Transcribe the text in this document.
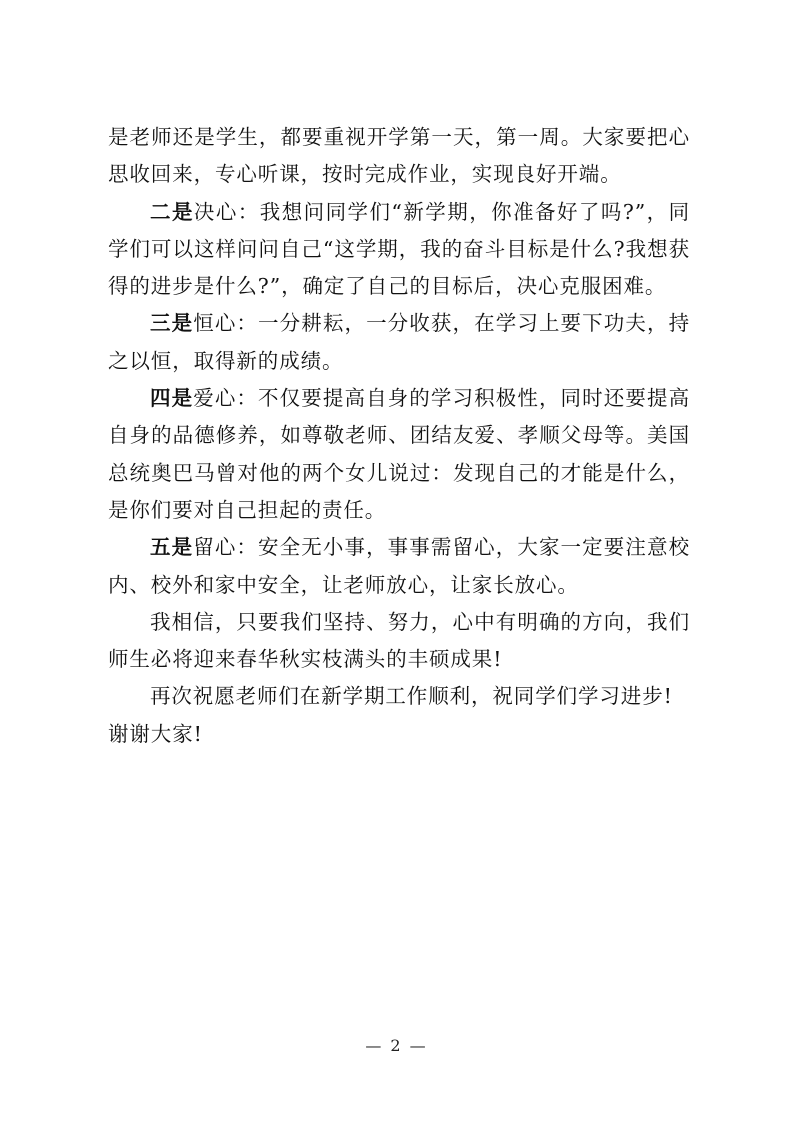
是老师还是学生，都要重视开学第一天，第一周。大家要把心思收回来，专心听课，按时完成作业，实现良好开端。

二是决心：我想问同学们“新学期，你准备好了吗?”，同学们可以这样问问自己“这学期，我的奋斗目标是什么?我想获得的进步是什么?”，确定了自己的目标后，决心克服困难。

三是恒心：一分耕耘，一分收获，在学习上要下功夫，持之以恒，取得新的成绩。

四是爱心：不仅要提高自身的学习积极性，同时还要提高自身的品德修养，如尊敬老师、团结友爱、孝顺父母等。美国总统奥巴马曾对他的两个女儿说过：发现自己的才能是什么，是你们要对自己担起的责任。

五是留心：安全无小事，事事需留心，大家一定要注意校内、校外和家中安全，让老师放心，让家长放心。

我相信，只要我们坚持、努力，心中有明确的方向，我们师生必将迎来春华秋实枝满头的丰硕成果!

再次祝愿老师们在新学期工作顺利，祝同学们学习进步!

谢谢大家!

— 2 —
